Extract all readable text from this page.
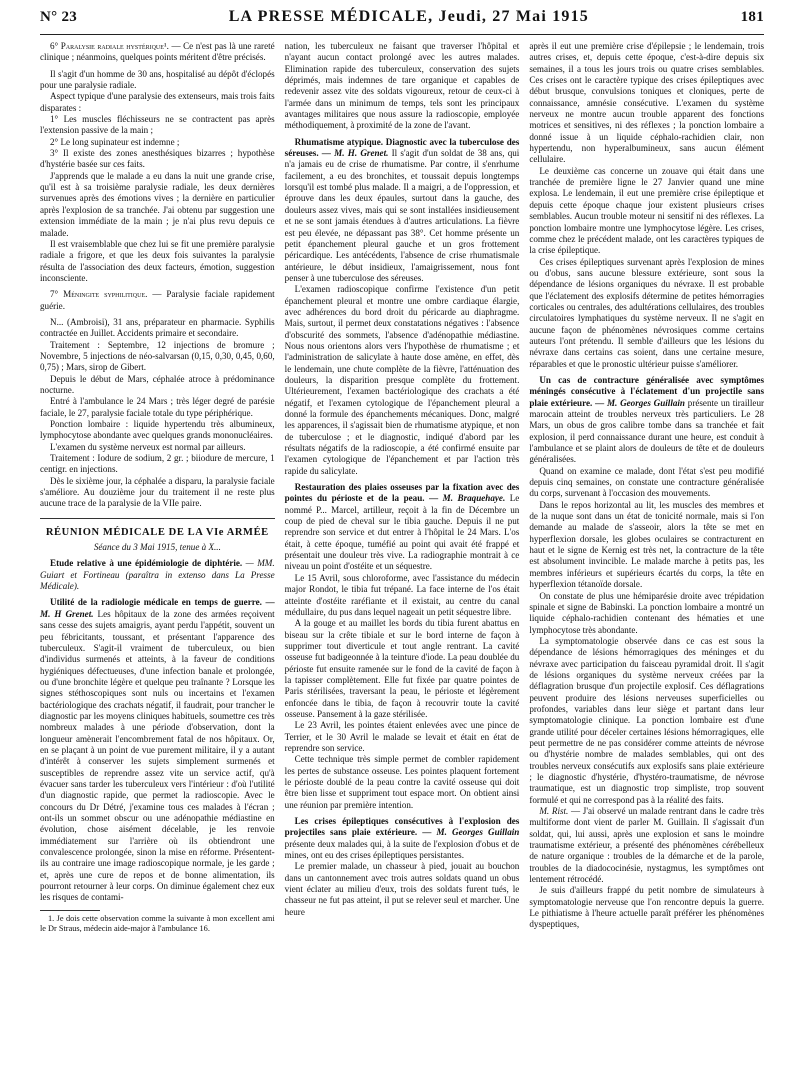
N° 23	LA PRESSE MÉDICALE, Jeudi, 27 Mai 1915	181

6° Paralysie radiale hystérique¹. — Ce n'est pas là une rareté clinique ; néanmoins, quelques points méritent d'être précisés.

Il s'agit d'un homme de 30 ans, hospitalisé au dépôt d'éclopés pour une paralysie radiale.

Aspect typique d'une paralysie des extenseurs, mais trois faits disparates :

1° Les muscles fléchisseurs ne se contractent pas après l'extension passive de la main ;

2° Le long supinateur est indemne ;

3° Il existe des zones anesthésiques bizarres ; hypothèse d'hystérie basée sur ces faits.

J'apprends que le malade a eu dans la nuit une grande crise, qu'il est à sa troisième paralysie radiale, les deux dernières survenues après des émotions vives ; la dernière en particulier après l'explosion de sa tranchée. J'ai obtenu par suggestion une extension immédiate de la main ; je n'ai plus revu depuis ce malade.

Il est vraisemblable que chez lui se fit une première paralysie radiale a frigore, et que les deux fois suivantes la paralysie résulta de l'association des deux facteurs, émotion, suggestion inconsciente.

7° Méningite syphilitique. — Paralysie faciale rapidement guérie.

N... (Ambroisi), 31 ans, préparateur en pharmacie. Syphilis contractée en Juillet. Accidents primaire et secondaire.

Traitement : Septembre, 12 injections de bromure ; Novembre, 5 injections de néo-salvarsan (0,15, 0,30, 0,45, 0,60, 0,75) ; Mars, sirop de Gibert.

Depuis le début de Mars, céphalée atroce à prédominance nocturne.

Entré à l'ambulance le 24 Mars ; très léger degré de parésie faciale, le 27, paralysie faciale totale du type périphérique.

Ponction lombaire : liquide hypertendu très albumineux, lymphocytose abondante avec quelques grands mononucléaires.

L'examen du système nerveux est normal par ailleurs.

Traitement : Iodure de sodium, 2 gr. ; biiodure de mercure, 1 centigr. en injections.

Dès le sixième jour, la céphalée a disparu, la paralysie faciale s'améliore. Au douzième jour du traitement il ne reste plus aucune trace de la paralysie de la VIIe paire.

RÉUNION MÉDICALE DE LA VIe ARMÉE
Séance du 3 Mai 1915, tenue à X...

Etude relative à une épidémiologie de diphtérie. — MM. Guiart et Fortineau (paraîtra in extenso dans La Presse Médicale).

Utilité de la radiologie médicale en temps de guerre. — M. H Grenet. Les hôpitaux de la zone des armées reçoivent sans cesse des sujets amaigris, ayant perdu l'appétit, souvent un peu fébricitants, toussant, et présentant l'apparence des tuberculeux. S'agit-il vraiment de tuberculeux, ou bien d'individus surmenés et atteints, à la faveur de conditions hygiéniques défectueuses, d'une infection banale et prolongée, ou d'une bronchite légère et quelque peu traînante ? Lorsque les signes stéthoscopiques sont nuls ou incertains et l'examen bactériologique des crachats négatif, il faudrait, pour trancher le diagnostic par les moyens cliniques habituels, soumettre ces très nombreux malades à une période d'observation, dont la longueur amènerait l'encombrement fatal de nos hôpitaux. Or, en se plaçant à un point de vue purement militaire, il y a autant d'intérêt à conserver les sujets simplement surmenés et susceptibles de reprendre assez vite un service actif, qu'à évacuer sans tarder les tuberculeux vers l'intérieur : d'où l'utilité d'un diagnostic rapide, que permet la radioscopie. Avec le concours du Dr Détré, j'examine tous ces malades à l'écran ; ont-ils un sommet obscur ou une adénopathie médiastine en évolution, chose aisément décelable, je les renvoie immédiatement sur l'arrière où ils obtiendront une convalescence prolongée, sinon la mise en réforme. Présentent-ils au contraire une image radioscopique normale, je les garde ; et, après une cure de repos et de bonne alimentation, ils pourront retourner à leur corps. On diminue également chez eux les risques de contami-

1. Je dois cette observation comme la suivante à mon excellent ami le Dr Straus, médecin aide-major à l'ambulance 16.

nation, les tuberculeux ne faisant que traverser l'hôpital et n'ayant aucun contact prolongé avec les autres malades. Elimination rapide des tuberculeux, conservation des sujets déprimés, mais indemnes de tare organique et capables de redevenir assez vite des soldats vigoureux, retour de ceux-ci à l'armée dans un minimum de temps, tels sont les principaux avantages militaires que nous assure la radioscopie, employée méthodiquement, à proximité de la zone de l'avant.

Rhumatisme atypique. Diagnostic avec la tuberculose des séreuses. — M. H. Grenet. Il s'agit d'un soldat de 38 ans, qui n'a jamais eu de crise de rhumatisme. Par contre, il s'enrhume facilement, a eu des bronchites, et toussait depuis longtemps lorsqu'il est tombé plus malade. Il a maigri, a de l'oppression, et éprouve dans les deux épaules, surtout dans la gauche, des douleurs assez vives, mais qui se sont installées insidieusement et ne se sont jamais étendues à d'autres articulations. La fièvre est peu élevée, ne dépassant pas 38°. Cet homme présente un petit épanchement pleural gauche et un gros frottement péricardique. Les antécédents, l'absence de crise rhumatismale antérieure, le début insidieux, l'amaigrissement, nous font penser à une tuberculose des séreuses.

L'examen radioscopique confirme l'existence d'un petit épanchement pleural et montre une ombre cardiaque élargie, avec adhérences du bord droit du péricarde au diaphragme. Mais, surtout, il permet deux constatations négatives : l'absence d'obscurité des sommets, l'absence d'adénopathie médiastine. Nous nous orientons alors vers l'hypothèse de rhumatisme ; et l'administration de salicylate à haute dose amène, en effet, dès le lendemain, une chute complète de la fièvre, l'atténuation des douleurs, la disparition presque complète du frottement. Ultérieurement, l'examen bactériologique des crachats a été négatif, et l'examen cytologique de l'épanchement pleural a donné la formule des épanchements mécaniques. Donc, malgré les apparences, il s'agissait bien de rhumatisme atypique, et non de tuberculose ; et le diagnostic, indiqué d'abord par les résultats négatifs de la radioscopie, a été confirmé ensuite par l'examen cytologique de l'épanchement et par l'action très rapide du salicylate.

Restauration des plaies osseuses par la fixation avec des pointes du périoste et de la peau. — M. Braquehaye. Le nommé P... Marcel, artilleur, reçoit à la fin de Décembre un coup de pied de cheval sur le tibia gauche. Depuis il ne put reprendre son service et dut entrer à l'hôpital le 24 Mars. L'os était, à cette époque, tuméfié au point qui avait été frappé et présentait une douleur très vive. La radiographie montrait à ce niveau un point d'ostéite et un séquestre.

Le 15 Avril, sous chloroforme, avec l'assistance du médecin major Rondot, le tibia fut trépané. La face interne de l'os était atteinte d'ostéite raréfiante et il existait, au centre du canal médullaire, du pus dans lequel nageait un petit séquestre libre.

A la gouge et au maillet les bords du tibia furent abattus en biseau sur la crête tibiale et sur le bord interne de façon à supprimer tout diverticule et tout angle rentrant. La cavité osseuse fut badigeonnée à la teinture d'iode. La peau doublée du périoste fut ensuite ramenée sur le fond de la cavité de façon à la tapisser complètement. Elle fut fixée par quatre pointes de Paris stérilisées, traversant la peau, le périoste et légèrement enfoncée dans le tibia, de façon à recouvrir toute la cavité osseuse. Pansement à la gaze stérilisée.

Le 23 Avril, les pointes étaient enlevées avec une pince de Terrier, et le 30 Avril le malade se levait et était en état de reprendre son service.

Cette technique très simple permet de combler rapidement les pertes de substance osseuse. Les pointes plaquent fortement le périoste doublé de la peau contre la cavité osseuse qui doit être bien lisse et suppriment tout espace mort. On obtient ainsi une réunion par première intention.

Les crises épileptiques consécutives à l'explosion des projectiles sans plaie extérieure. — M. Georges Guillain présente deux malades qui, à la suite de l'explosion d'obus et de mines, ont eu des crises épileptiques persistantes.

Le premier malade, un chasseur à pied, jouait au bouchon dans un cantonnement avec trois autres soldats quand un obus vient éclater au milieu d'eux, trois des soldats furent tués, le chasseur ne fut pas atteint, il put se relever seul et marcher. Une heure

après il eut une première crise d'épilepsie ; le lendemain, trois autres crises, et, depuis cette époque, c'est-à-dire depuis six semaines, il a tous les jours trois ou quatre crises semblables. Ces crises ont le caractère typique des crises épileptiques avec début brusque, convulsions toniques et cloniques, perte de connaissance, amnésie consécutive. L'examen du système nerveux ne montre aucun trouble apparent des fonctions motrices et sensitives, ni des réflexes ; la ponction lombaire a donné issue à un liquide céphalo-rachidien clair, non hypertendu, non hyperalbumineux, sans aucun élément cellulaire.

Le deuxième cas concerne un zouave qui était dans une tranchée de première ligne le 27 Janvier quand une mine explosa. Le lendemain, il eut une première crise épileptique et depuis cette époque chaque jour existent plusieurs crises semblables. Aucun trouble moteur ni sensitif ni des réflexes. La ponction lombaire montre une lymphocytose légère. Les crises, comme chez le précédent malade, ont les caractères typiques de la crise épileptique.

Ces crises épileptiques survenant après l'explosion de mines ou d'obus, sans aucune blessure extérieure, sont sous la dépendance de lésions organiques du névraxe. Il est probable que l'éclatement des explosifs détermine de petites hémorragies corticales ou centrales, des adultérations cellulaires, des troubles circulatoires lymphatiques du système nerveux. Il ne s'agit en aucune façon de phénomènes névrosiques comme certains auteurs l'ont prétendu. Il semble d'ailleurs que les lésions du névraxe dans certains cas soient, dans une certaine mesure, réparables et que le pronostic ultérieur puisse s'améliorer.

Un cas de contracture généralisée avec symptômes méningés consécutive à l'éclatement d'un projectile sans plaie extérieure. — M. Georges Guillain présente un tirailleur marocain atteint de troubles nerveux très particuliers. Le 28 Mars, un obus de gros calibre tombe dans sa tranchée et fait explosion, il perd connaissance durant une heure, est conduit à l'ambulance et se plaint alors de douleurs de tête et de douleurs généralisées.

Quand on examine ce malade, dont l'état s'est peu modifié depuis cinq semaines, on constate une contracture généralisée du corps, survenant à l'occasion des mouvements.

Dans le repos horizontal au lit, les muscles des membres et de la nuque sont dans un état de tonicité normale, mais si l'on demande au malade de s'asseoir, alors la tête se met en hyperflexion dorsale, les globes oculaires se contracturent en haut et le signe de Kernig est très net, la contracture de la tête est absolument invincible. Le malade marche à petits pas, les membres inférieurs et supérieurs écartés du corps, la tête en hyperflexion tétanoïde dorsale.

On constate de plus une hémiparésie droite avec trépidation spinale et signe de Babinski. La ponction lombaire a montré un liquide céphalo-rachidien contenant des hématies et une lymphocytose très abondante.

La symptomatologie observée dans ce cas est sous la dépendance de lésions hémorragiques des méninges et du névraxe avec participation du faisceau pyramidal droit. Il s'agit de lésions organiques du système nerveux créées par la déflagration brusque d'un projectile explosif. Ces déflagrations peuvent produire des lésions nerveuses superficielles ou profondes, variables dans leur siège et partant dans leur symptomatologie clinique. La ponction lombaire est d'une grande utilité pour déceler certaines lésions hémorragiques, elle peut permettre de ne pas considérer comme atteints de névrose ou d'hystérie nombre de malades semblables, qui ont des troubles nerveux consécutifs aux explosifs sans plaie extérieure ; le diagnostic d'hystérie, d'hystéro-traumatisme, de névrose traumatique, est un diagnostic trop simpliste, trop souvent formulé et qui ne correspond pas à la réalité des faits.

M. Rist. — J'ai observé un malade rentrant dans le cadre très multiforme dont vient de parler M. Guillain. Il s'agissait d'un soldat, qui, lui aussi, après une explosion et sans le moindre traumatisme extérieur, a présenté des phénomènes cérébelleux de nature organique : troubles de la démarche et de la parole, troubles de la diadococinésie, nystagmus, les symptômes ont lentement rétrocédé.

Je suis d'ailleurs frappé du petit nombre de simulateurs à symptomatologie nerveuse que l'on rencontre depuis la guerre. Le pithiatisme à l'heure actuelle paraît préférer les phénomènes dyspeptiques,
